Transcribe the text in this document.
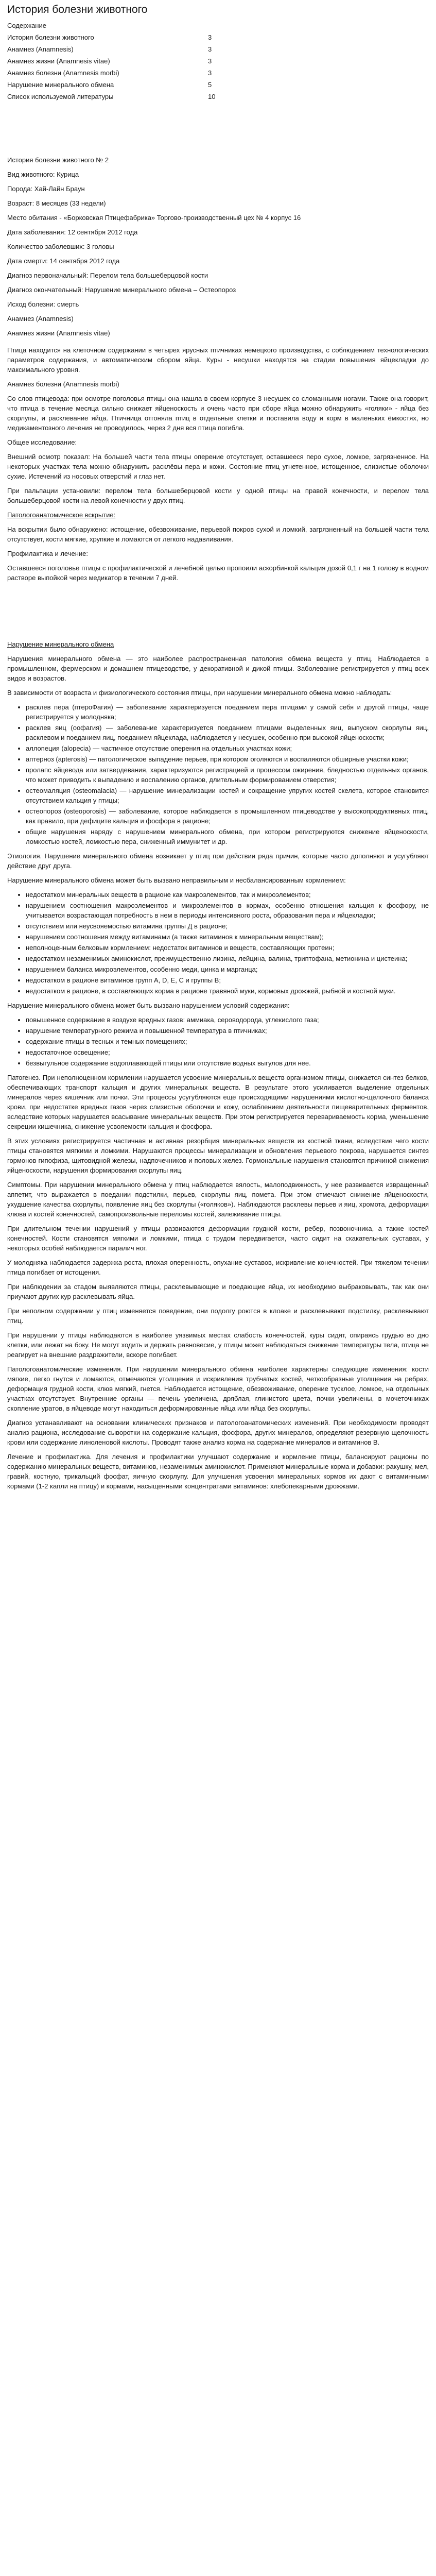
История болезни животного

Содержание

История болезни животного	3
Анамнез (Anamnesis)	3
Анамнез жизни (Anamnesis vitae)	3
Анамнез болезни (Anamnesis morbi)	3
Нарушение минерального обмена	5
Список используемой литературы	10

История болезни животного № 2

Вид животного: Курица

Порода: Хай-Лайн Браун

Возраст: 8 месяцев (33 недели)

Место обитания - «Борковская Птицефабрика» Торгово-производственный цех № 4 корпус 16

Дата заболевания: 12 сентября 2012 года

Количество заболевших: 3 головы

Дата смерти: 14 сентября 2012 года

Диагноз первоначальный: Перелом тела большеберцовой кости

Диагноз окончательный: Нарушение минерального обмена – Остеопороз

Исход болезни: смерть

Анамнез (Anamnesis)

Анамнез жизни (Anamnesis vitae)

Птица находится на клеточном содержании в четырех ярусных птичниках немецкого производства, с соблюдением технологических параметров содержания, и автоматическим сбором яйца. Куры - несушки находятся на стадии повышения яйцекладки до максимального уровня.

Анамнез болезни (Anamnesis morbi)

Со слов птицевода: при осмотре поголовья птицы она нашла в своем корпусе 3 несушек со сломанными ногами. Также она говорит, что птица в течение месяца сильно снижает яйценоскость и очень часто при сборе яйца можно обнаружить «голяки» - яйца без скорлупы, и расклевание яйца. Птичница отгоняла птиц в отдельные клетки и поставила воду и корм в маленьких ёмкостях, но медикаментозного лечения не проводилось, через 2 дня вся птица погибла.

Общее исследование:

Внешний осмотр показал: На большей части тела птицы оперение отсутствует, оставшееся перо сухое, ломкое, загрязненное. На некоторых участках тела можно обнаружить расклёвы пера и кожи. Состояние птиц угнетенное, истощенное, слизистые оболочки сухие. Истечений из носовых отверстий и глаз нет.

При пальпации установили: перелом тела большеберцовой кости у одной птицы на правой конечности, и перелом тела большеберцовой кости на левой конечности у двух птиц.

Патологоанатомическое вскрытие:

На вскрытии было обнаружено: истощение, обезвоживание, перьевой покров сухой и ломкий, загрязненный на большей части тела отсутствует, кости мягкие, хрупкие и ломаются от легкого надавливания.

Профилактика и лечение:

Оставшееся поголовье птицы с профилактической и лечебной целью пропоили аскорбинкой кальция дозой 0,1 г на 1 голову в водном растворе выпойкой через медикатор в течении 7 дней.

Нарушение минерального обмена

Нарушения минерального обмена — это наиболее распространенная патология обмена веществ у птиц. Наблюдается в промышленном, фермерском и домашнем птицеводстве, у декоративной и дикой птицы. Заболевание регистрируется у птиц всех видов и возрастов.

В зависимости от возраста и физиологического состояния птицы, при нарушении минерального обмена можно наблюдать:

• расклев пера (птероФагия) — заболевание характеризуется поеданием пера птицами у самой себя и другой птицы, чаще регистрируется у молоднякa;
• расклев яиц (оофагия) — заболевание характеризуется поеданием птицами выделенных яиц, выпуском скорлупы яиц, расклевом и поеданием яиц, поеданием яйцеклада, наблюдается у несушек, особенно при высокой яйценоскости;
• аллопеция (alopecia) — частичное отсутствие оперения на отдельных участках кожи;
• аптерноз (apterosis) — патологическое выпадение перьев, при котором оголяются и воспаляются обширные участки кожи;
• пролапс яйцевода или затвердевания, характеризуются регистрацией и процессом ожирения, бледностью отдельных органов, что может приводить к выпадению и воспалению органов, длительным формированием отверстия;
• остеомаляция (osteomalacia) — нарушение минерализации костей и сокращение упругих костей скелета, которое становится отсутствием кальция у птицы;
• остеопороз (osteoporosis) — заболевание, которое наблюдается в промышленном птицеводстве у высокопродуктивных птиц, как правило, при дефиците кальция и фосфора в рационе;
• общие нарушения наряду с нарушением минерального обмена, при котором регистрируются снижение яйценоскости, ломкостью костей, ломкостью пера, сниженный иммунитет и др.

Этиология. Нарушение минерального обмена возникает у птиц при действии ряда причин, которые часто дополняют и усугубляют действие друг друга.

Нарушение минерального обмена может быть вызвано неправильным и несбалансированным кормлением:

• недостатком минеральных веществ в рационе как макроэлементов, так и микроэлементов;
• нарушением соотношения макроэлементов и микроэлементов в кормах, особенно отношения кальция к фосфору, не учитывается возрастающая потребность в нем в периоды интенсивного роста, образования пера и яйцекладки;
• отсутствием или неусвояемостью витамина группы Д в рационе;
• нарушением соотношения между витаминами (а также витаминов к минеральным веществам);
• неполноценным белковым кормлением: недостаток витаминов и веществ, составляющих протеин;
• недостатком незаменимых аминокислот, преимущественно лизина, лейцина, валина, триптофана, метионина и цистеина;
• нарушением баланса микроэлементов, особенно меди, цинка и марганца;
• недостатком в рационе витаминов групп А, D, E, C и группы B;
• недостатком в рационе, в составляющих корма в рационе травяной муки, кормовых дрожжей, рыбной и костной муки.

Нарушение минерального обмена может быть вызвано нарушением условий содержания:

• повышенное содержание в воздухе вредных газов: аммиака, сероводорода, углекислого газа;
• нарушение температурного режима и повышенной температура в птичниках;
• содержание птицы в тесных и темных помещениях;
• недостаточное освещение;
• безвыгульное содержание водоплавающей птицы или отсутствие водных выгулов для нее.

Патогенез. При неполноценном кормлении нарушается усвоение минеральных веществ организмом птицы, снижается синтез белков, обеспечивающих транспорт кальция и других минеральных веществ. В результате этого усиливается выделение отдельных минералов через кишечник или почки. Эти процессы усугубляются еще происходящими нарушениями кислотно-щелочного баланса крови, при недостатке вредных газов через слизистые оболочки и кожу, ослаблением деятельности пищеварительных ферментов, вследствие которых нарушается всасывание минеральных веществ. При этом регистрируется перевариваемость корма, уменьшение секреции кишечника, снижение усвояемости кальция и фосфора.

В этих условиях регистрируется частичная и активная резорбция минеральных веществ из костной ткани, вследствие чего кости птицы становятся мягкими и ломкими. Нарушаются процессы минерализации и обновления перьевого покрова, нарушается синтез гормонов гипофиза, щитовидной железы, надпочечников и половых желез. Гормональные нарушения становятся причиной снижения яйценоскости, нарушения формирования скорлупы яиц.

Симптомы. При нарушении минерального обмена у птиц наблюдается вялость, малоподвижность, у нее развивается извращенный аппетит, что выражается в поедании подстилки, перьев, скорлупы яиц, пометa. При этом отмечают снижение яйценоскости, ухудшение качества скорлупы, появление яиц без скорлупы («голяков»). Наблюдаются расклевы перьев и яиц, хромота, деформация клюва и костей конечностей, самопроизвольные переломы костей, залеживание птицы.

При длительном течении нарушений у птицы развиваются деформации грудной кости, ребер, позвоночника, а также костей конечностей. Кости становятся мягкими и ломкими, птица с трудом передвигается, часто сидит на скакательных суставах, у некоторых особей наблюдается паралич ног.

У молодняка наблюдается задержка роста, плохая оперенность, опухание суставов, искривление конечностей. При тяжелом течении птица погибает от истощения.

При наблюдении за стадом выявляются птицы, расклевывающие и поедающие яйца, их необходимо выбраковывать, так как они приучают других кур расклевывать яйца.

При неполном содержании у птиц изменяется поведение, они подолгу роются в клоаке и расклевывают подстилку, расклевывают птиц.

При нарушении у птицы наблюдаются в наиболее уязвимых местах слабость конечностей, куры сидят, опираясь грудью во дно клетки, или лежат на боку. Не могут ходить и держать равновесие, у птицы может наблюдаться снижение температуры тела, птица не реагирует на внешние раздражители, вскоре погибает.

Патологоанатомические изменения. При нарушении минерального обмена наиболее характерны следующие изменения: кости мягкие, легко гнутся и ломаются, отмечаются утолщения и искривления трубчатых костей, четкообразные утолщения на ребрах, деформация грудной кости, клюв мягкий, гнется. Наблюдается истощение, обезвоживание, оперение тусклое, ломкое, на отдельных участках отсутствует. Внутренние органы — печень увеличена, дряблая, глинистого цвета, почки увеличены, в мочеточниках скопление уратов, в яйцеводе могут находиться деформированные яйца или яйца без скорлупы.

Диагноз устанавливают на основании клинических признаков и патологоанатомических изменений. При необходимости проводят анализ рациона, исследование сыворотки на содержание кальция, фосфора, других минералов, определяют резервную щелочность крови или содержание линоленовой кислоты. Проводят также анализ корма на содержание минералов и витаминов В.

Лечение и профилактика. Для лечения и профилактики улучшают содержание и кормление птицы, балансируют рационы по содержанию минеральных веществ, витаминов, незаменимых аминокислот. Применяют минеральные корма и добавки: ракушку, мел, гравий, костную, трикальций фосфат, яичную скорлупу. Для улучшения усвоения минеральных кормов их дают с витаминными кормами (1-2 капли на птицу) и кормами, насыщенными концентратами витаминов: хлебопекарными дрожжами.
